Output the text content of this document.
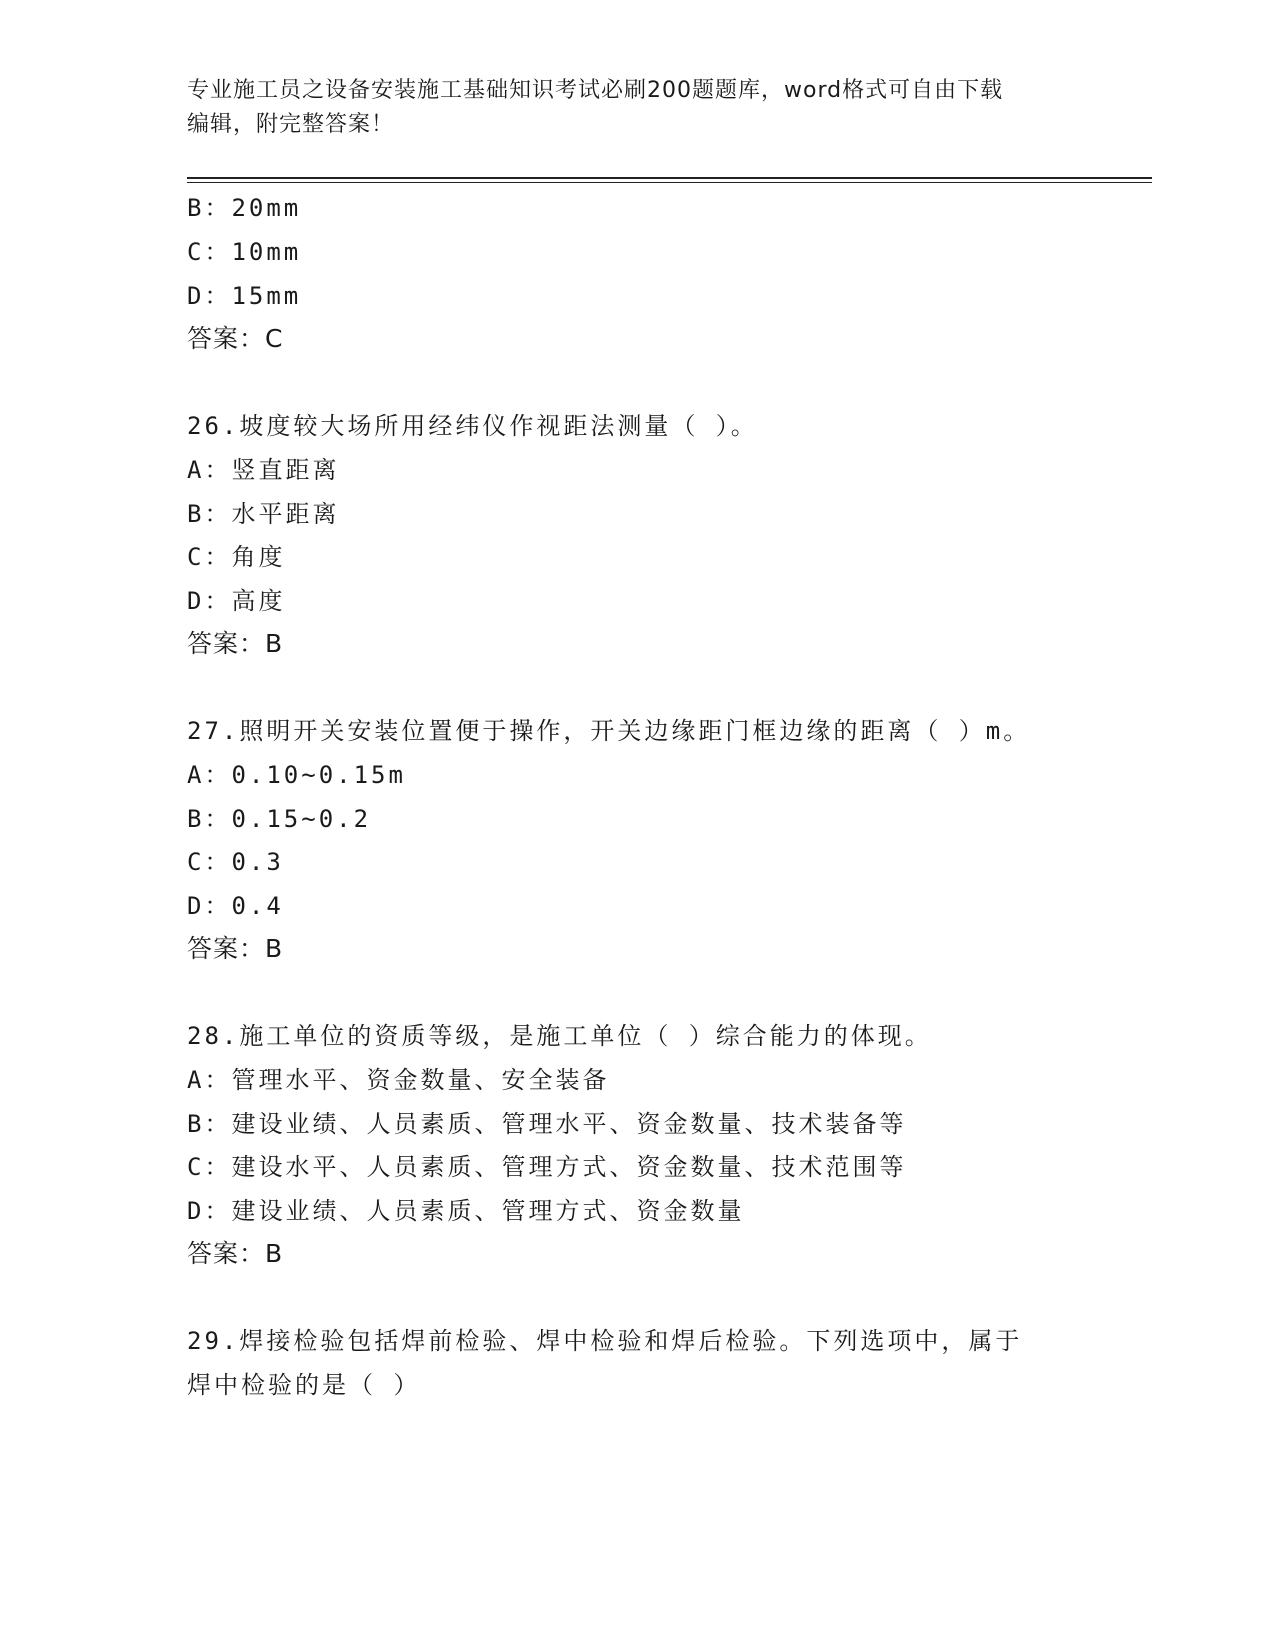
专业施工员之设备安装施工基础知识考试必刷200题题库，word格式可自由下载
编辑，附完整答案！
B：20mm
C：10mm
D：15mm
答案：C
26.坡度较大场所用经纬仪作视距法测量（ ）。
A：竖直距离
B：水平距离
C：角度
D：高度
答案：B
27.照明开关安装位置便于操作，开关边缘距门框边缘的距离（ ）m。
A：0.10~0.15m
B：0.15~0.2
C：0.3
D：0.4
答案：B
28.施工单位的资质等级，是施工单位（ ）综合能力的体现。
A：管理水平、资金数量、安全装备
B：建设业绩、人员素质、管理水平、资金数量、技术装备等
C：建设水平、人员素质、管理方式、资金数量、技术范围等
D：建设业绩、人员素质、管理方式、资金数量
答案：B
29.焊接检验包括焊前检验、焊中检验和焊后检验。下列选项中，属于
焊中检验的是（ ）
